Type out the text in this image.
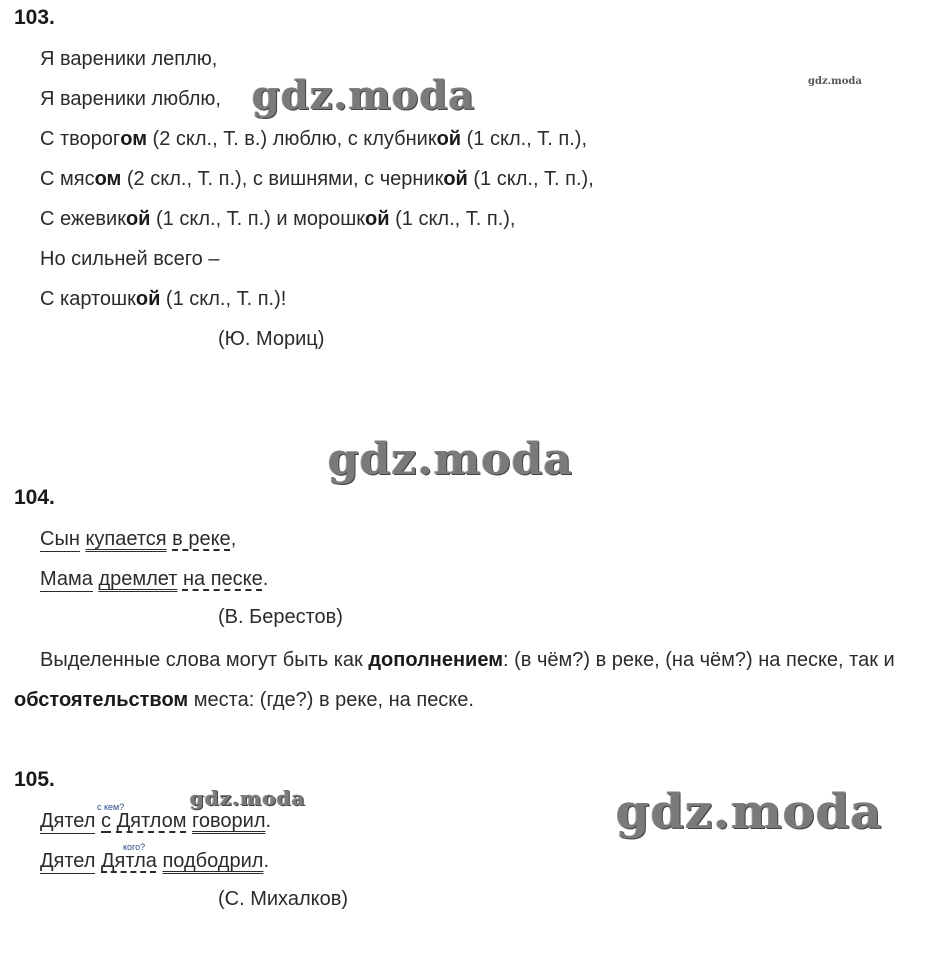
103.
Я вареники леплю,
Я вареники люблю,
С творогом (2 скл., Т. в.) люблю, с клубникой (1 скл., Т. п.),
С мясом (2 скл., Т. п.), с вишнями, с черникой (1 скл., Т. п.),
С ежевикой (1 скл., Т. п.) и морошкой (1 скл., Т. п.),
Но сильней всего –
С картошкой (1 скл., Т. п.)!
(Ю. Мориц)
gdz.moda	gdz.moda
gdz.moda
gdz.moda	gdz.moda
104.
Сын купается в реке,
Мама дремлет на песке.
(В. Берестов)
Выделенные слова могут быть как дополнением: (в чём?) в реке, (на чём?) на песке, так и обстоятельством места: (где?) в реке, на песке.
105.
Дятел
с кем?
с Дятлом говорил.
Дятел
кого?
Дятла подбодрил.
(С. Михалков)
